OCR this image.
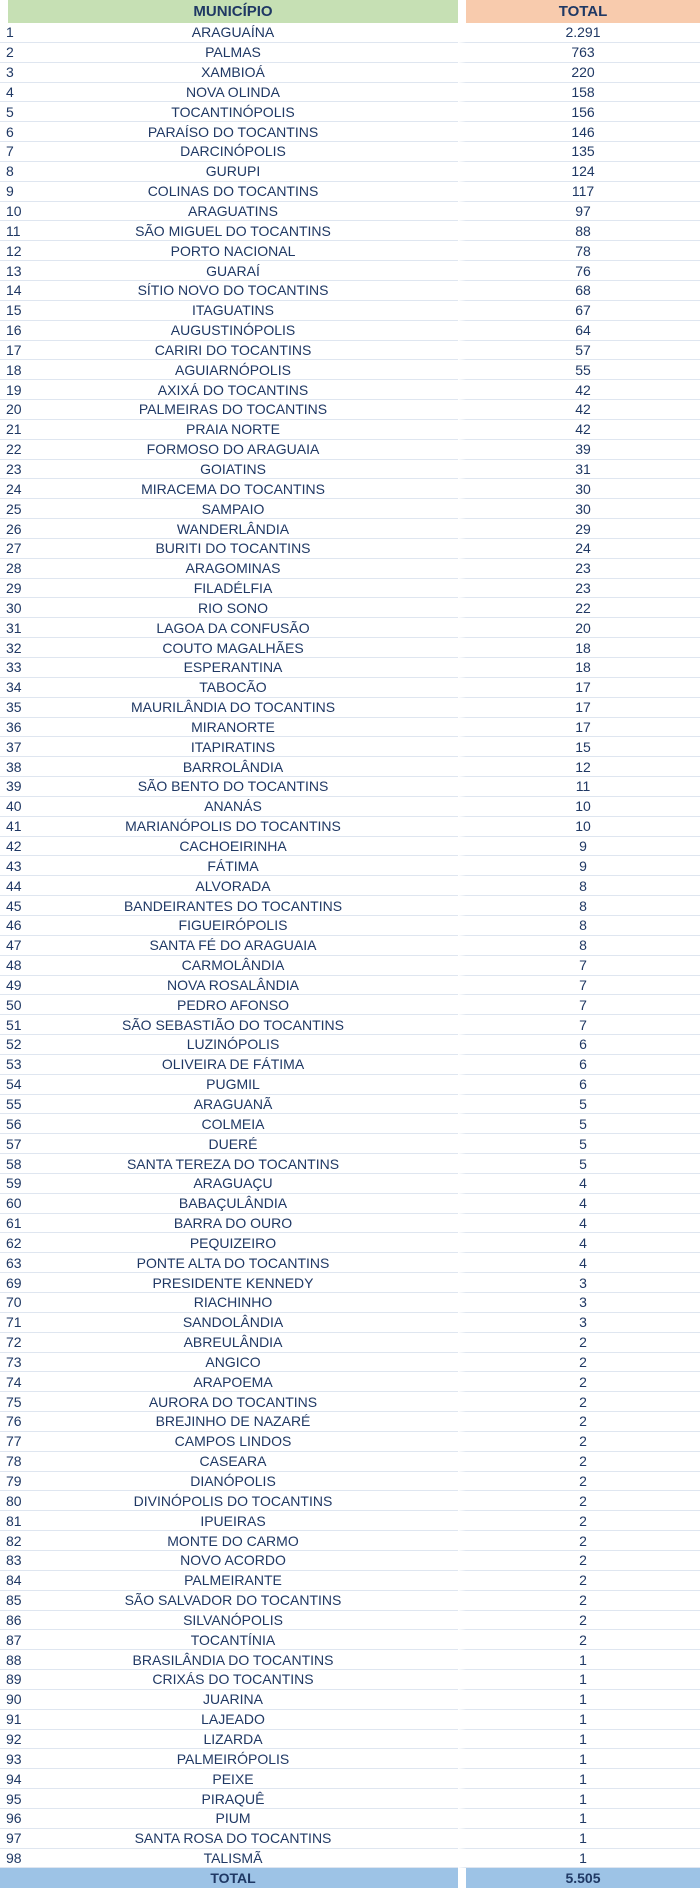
	MUNICÍPIO	TOTAL
1	ARAGUAÍNA	2.291
2	PALMAS	763
3	XAMBIOÁ	220
4	NOVA OLINDA	158
5	TOCANTINÓPOLIS	156
6	PARAÍSO DO TOCANTINS	146
7	DARCINÓPOLIS	135
8	GURUPI	124
9	COLINAS DO TOCANTINS	117
10	ARAGUATINS	97
11	SÃO MIGUEL DO TOCANTINS	88
12	PORTO NACIONAL	78
13	GUARAÍ	76
14	SÍTIO NOVO DO TOCANTINS	68
15	ITAGUATINS	67
16	AUGUSTINÓPOLIS	64
17	CARIRI DO TOCANTINS	57
18	AGUIARNÓPOLIS	55
19	AXIXÁ DO TOCANTINS	42
20	PALMEIRAS DO TOCANTINS	42
21	PRAIA NORTE	42
22	FORMOSO DO ARAGUAIA	39
23	GOIATINS	31
24	MIRACEMA DO TOCANTINS	30
25	SAMPAIO	30
26	WANDERLÂNDIA	29
27	BURITI DO TOCANTINS	24
28	ARAGOMINAS	23
29	FILADÉLFIA	23
30	RIO SONO	22
31	LAGOA DA CONFUSÃO	20
32	COUTO MAGALHÃES	18
33	ESPERANTINA	18
34	TABOCÃO	17
35	MAURILÂNDIA DO TOCANTINS	17
36	MIRANORTE	17
37	ITAPIRATINS	15
38	BARROLÂNDIA	12
39	SÃO BENTO DO TOCANTINS	11
40	ANANÁS	10
41	MARIANÓPOLIS DO TOCANTINS	10
42	CACHOEIRINHA	9
43	FÁTIMA	9
44	ALVORADA	8
45	BANDEIRANTES DO TOCANTINS	8
46	FIGUEIRÓPOLIS	8
47	SANTA FÉ DO ARAGUAIA	8
48	CARMOLÂNDIA	7
49	NOVA ROSALÂNDIA	7
50	PEDRO AFONSO	7
51	SÃO SEBASTIÃO DO TOCANTINS	7
52	LUZINÓPOLIS	6
53	OLIVEIRA DE FÁTIMA	6
54	PUGMIL	6
55	ARAGUANÃ	5
56	COLMEIA	5
57	DUERÉ	5
58	SANTA TEREZA DO TOCANTINS	5
59	ARAGUAÇU	4
60	BABAÇULÂNDIA	4
61	BARRA DO OURO	4
62	PEQUIZEIRO	4
63	PONTE ALTA DO TOCANTINS	4
69	PRESIDENTE KENNEDY	3
70	RIACHINHO	3
71	SANDOLÂNDIA	3
72	ABREULÂNDIA	2
73	ANGICO	2
74	ARAPOEMA	2
75	AURORA DO TOCANTINS	2
76	BREJINHO DE NAZARÉ	2
77	CAMPOS LINDOS	2
78	CASEARA	2
79	DIANÓPOLIS	2
80	DIVINÓPOLIS DO TOCANTINS	2
81	IPUEIRAS	2
82	MONTE DO CARMO	2
83	NOVO ACORDO	2
84	PALMEIRANTE	2
85	SÃO SALVADOR DO TOCANTINS	2
86	SILVANÓPOLIS	2
87	TOCANTÍNIA	2
88	BRASILÂNDIA DO TOCANTINS	1
89	CRIXÁS DO TOCANTINS	1
90	JUARINA	1
91	LAJEADO	1
92	LIZARDA	1
93	PALMEIRÓPOLIS	1
94	PEIXE	1
95	PIRAQUÊ	1
96	PIUM	1
97	SANTA ROSA DO TOCANTINS	1
98	TALISMÃ	1
	TOTAL	5.505
